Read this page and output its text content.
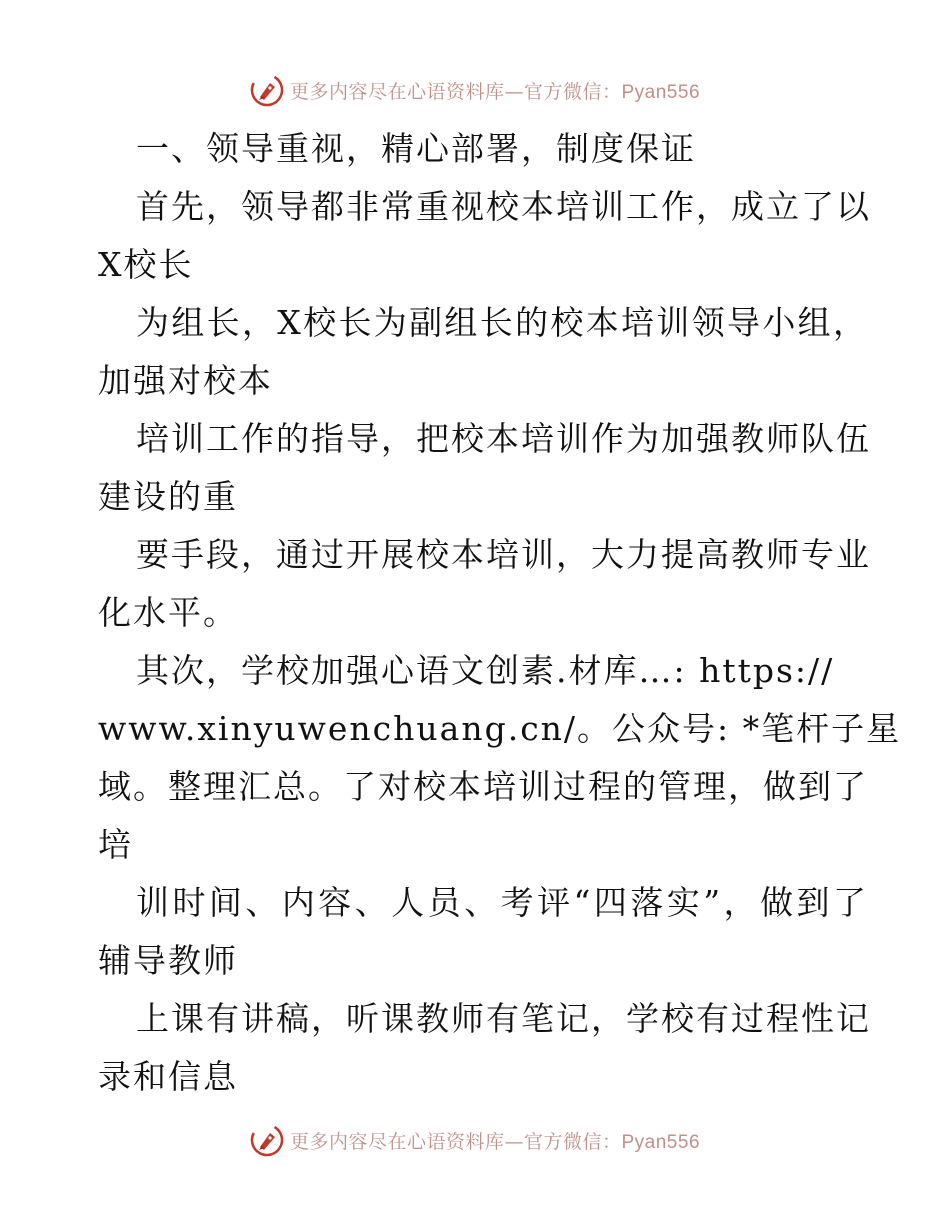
更多内容尽在心语资料库—官方微信：Pyan556
一、领导重视，精心部署，制度保证
首先，领导都非常重视校本培训工作，成立了以
X校长
为组长，X校长为副组长的校本培训领导小组，
加强对校本
培训工作的指导，把校本培训作为加强教师队伍
建设的重
要手段，通过开展校本培训，大力提高教师专业
化水平。
其次，学校加强心语文创素.材库…: https://
www.xinyuwenchuang.cn/。公众号: *笔杆子星
域。整理汇总。了对校本培训过程的管理，做到了
培
训时间、内容、人员、考评“四落实”，做到了
辅导教师
上课有讲稿，听课教师有笔记，学校有过程性记
录和信息
更多内容尽在心语资料库—官方微信：Pyan556
